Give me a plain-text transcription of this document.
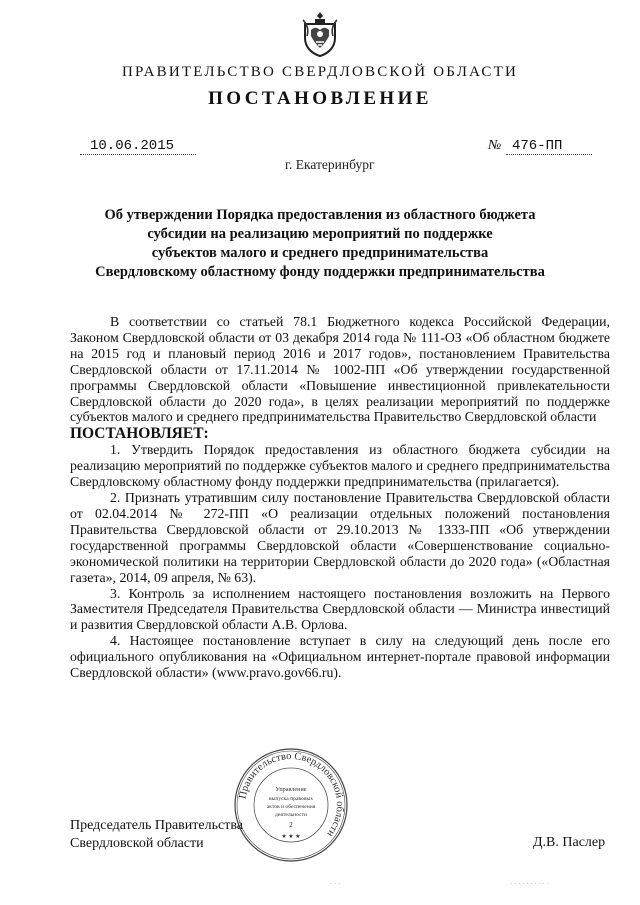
ПРАВИТЕЛЬСТВО СВЕРДЛОВСКОЙ ОБЛАСТИ
ПОСТАНОВЛЕНИЕ
10.06.2015	№ 476-ПП
г. Екатеринбург
Об утверждении Порядка предоставления из областного бюджета
субсидии на реализацию мероприятий по поддержке
субъектов малого и среднего предпринимательства
Свердловскому областному фонду поддержки предпринимательства

В соответствии со статьей 78.1 Бюджетного кодекса Российской Федерации, Законом Свердловской области от 03 декабря 2014 года № 111-ОЗ «Об областном бюджете на 2015 год и плановый период 2016 и 2017 годов», постановлением Правительства Свердловской области от 17.11.2014 № 1002-ПП «Об утверждении государственной программы Свердловской области «Повышение инвестиционной привлекательности Свердловской области до 2020 года», в целях реализации мероприятий по поддержке субъектов малого и среднего предпринимательства Правительство Свердловской области

ПОСТАНОВЛЯЕТ:

1. Утвердить Порядок предоставления из областного бюджета субсидии на реализацию мероприятий по поддержке субъектов малого и среднего предпринимательства Свердловскому областному фонду поддержки предпринимательства (прилагается).

2. Признать утратившим силу постановление Правительства Свердловской области от 02.04.2014 № 272-ПП «О реализации отдельных положений постановления Правительства Свердловской области от 29.10.2013 № 1333-ПП «Об утверждении государственной программы Свердловской области «Совершенствование социально-экономической политики на территории Свердловской области до 2020 года» («Областная газета», 2014, 09 апреля, № 63).

3. Контроль за исполнением настоящего постановления возложить на Первого Заместителя Председателя Правительства Свердловской области — Министра инвестиций и развития Свердловской области А.В. Орлова.

4. Настоящее постановление вступает в силу на следующий день после его официального опубликования на «Официальном интернет-портале правовой информации Свердловской области» (www.pravo.gov66.ru).

Председатель Правительства
Свердловской области	Д.В. Паслер
Правительство Свердловской области
Управление
выпуска правовых
актов и обеспечения
деятельности
2
★ ★ ★
· · ·	· · · · · · · · · ·
